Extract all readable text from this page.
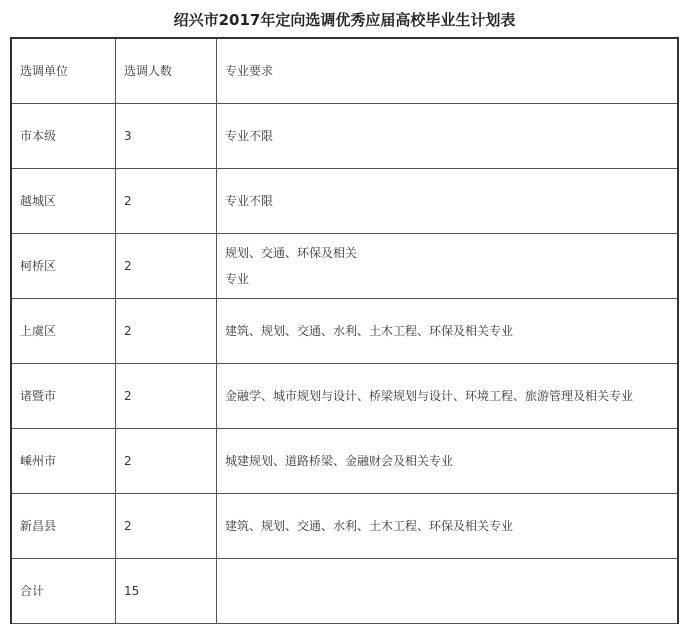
绍兴市2017年定向选调优秀应届高校毕业生计划表
选调单位	选调人数	专业要求
市本级	3	专业不限

越城区	2	专业不限

柯桥区	2	规划、交通、环保及相关
专业

上虞区	2	建筑、规划、交通、水利、土木工程、环保及相关专业

诸暨市	2	金融学、城市规划与设计、桥梁规划与设计、环境工程、旅游管理及相关专业

嵊州市	2	城建规划、道路桥梁、金融财会及相关专业

新昌县	2	建筑、规划、交通、水利、土木工程、环保及相关专业

合计	15	
